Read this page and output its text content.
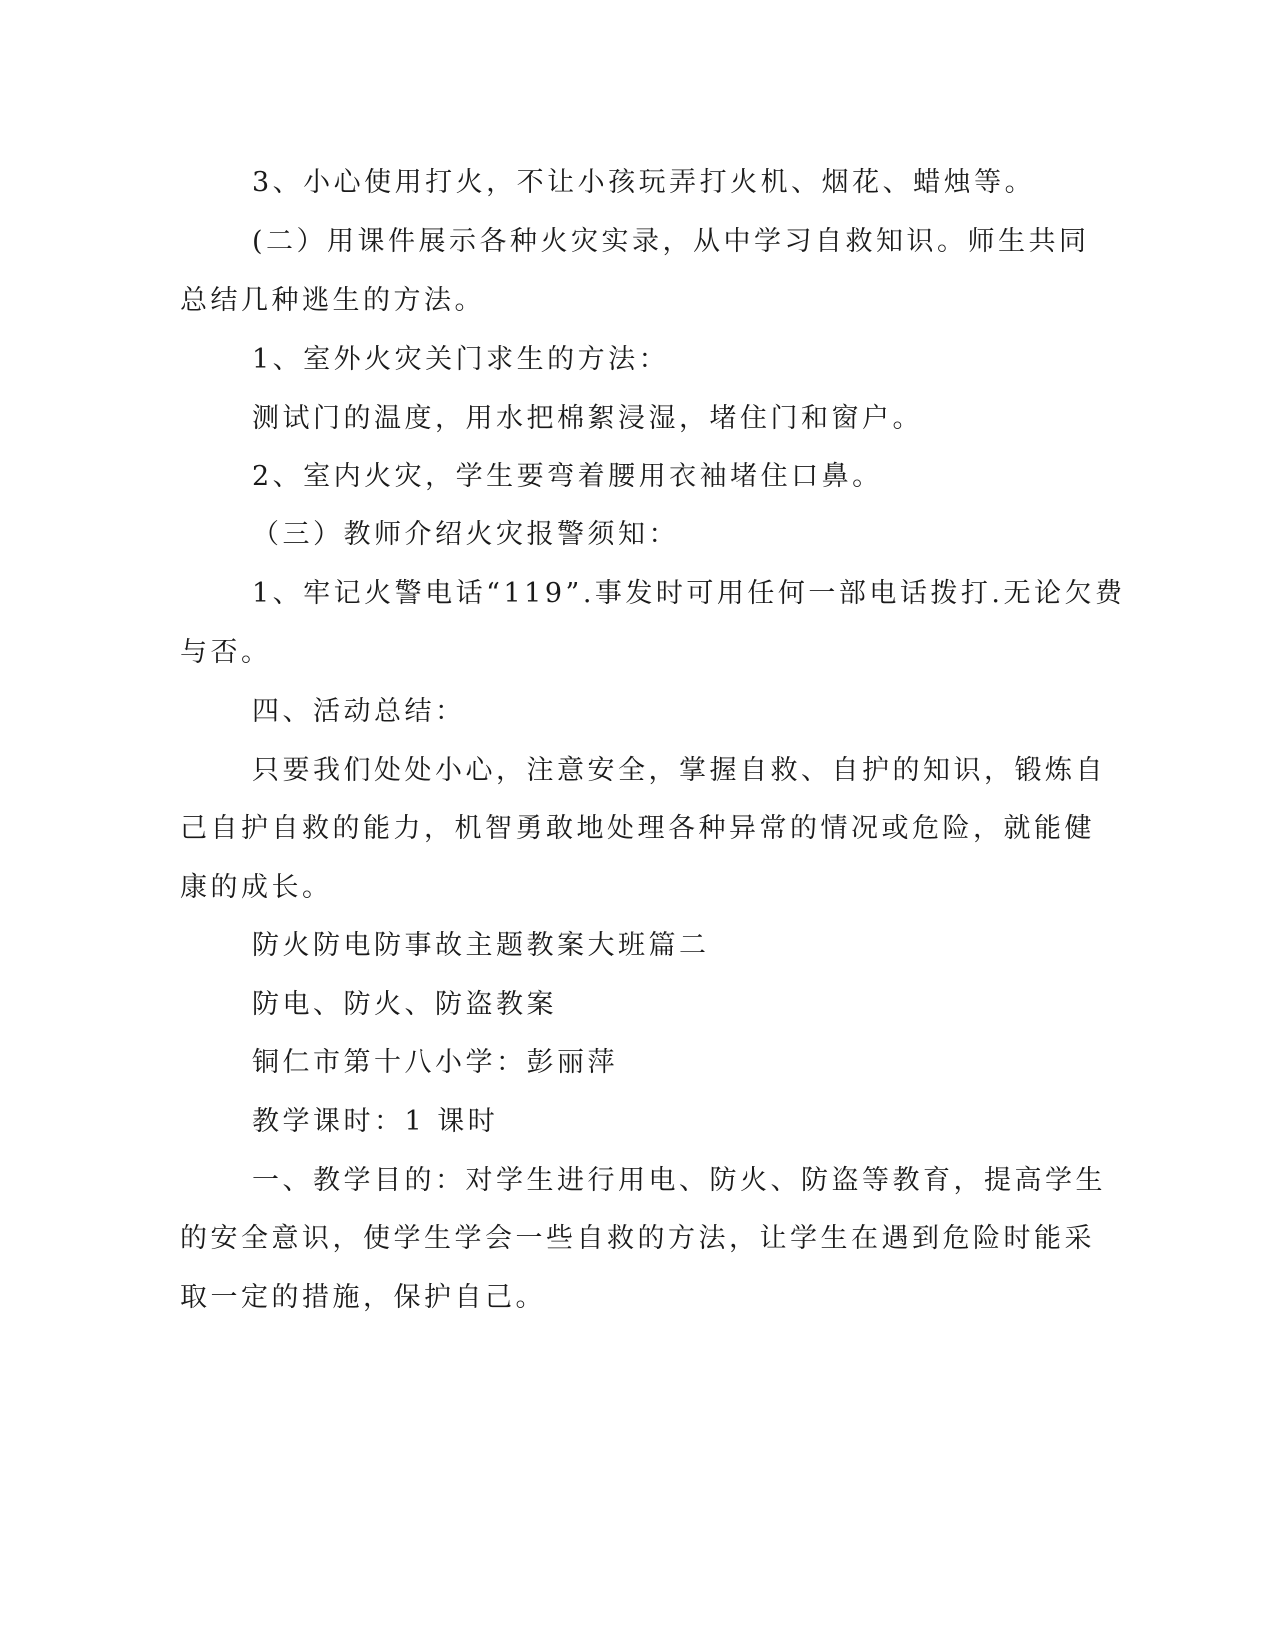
3、小心使用打火，不让小孩玩弄打火机、烟花、蜡烛等。
(二）用课件展示各种火灾实录，从中学习自救知识。师生共同
总结几种逃生的方法。
1、室外火灾关门求生的方法：
测试门的温度，用水把棉絮浸湿，堵住门和窗户。
2、室内火灾，学生要弯着腰用衣袖堵住口鼻。
（三）教师介绍火灾报警须知：
1、牢记火警电话“119”.事发时可用任何一部电话拨打.无论欠费
与否。
四、活动总结：
只要我们处处小心，注意安全，掌握自救、自护的知识，锻炼自
己自护自救的能力，机智勇敢地处理各种异常的情况或危险，就能健
康的成长。
防火防电防事故主题教案大班篇二
防电、防火、防盗教案
铜仁市第十八小学：彭丽萍
教学课时：1 课时
一、教学目的：对学生进行用电、防火、防盗等教育，提高学生
的安全意识，使学生学会一些自救的方法，让学生在遇到危险时能采
取一定的措施，保护自己。
